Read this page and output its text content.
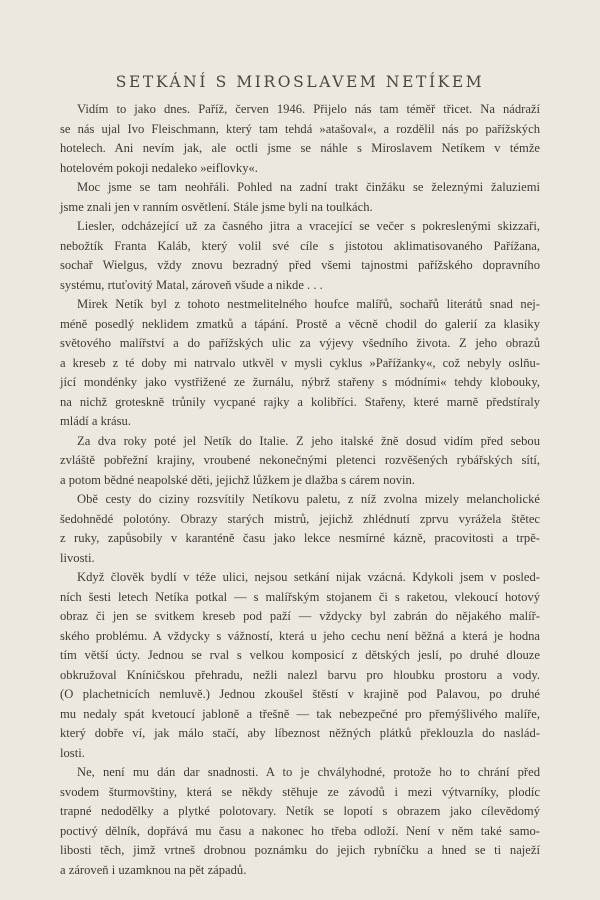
SETKÁNÍ S MIROSLAVEM NETÍKEM

Vidím to jako dnes. Paříž, červen 1946. Přijelo nás tam téměř třicet. Na nádraží
se nás ujal Ivo Fleischmann, který tam tehdá »atašoval«, a rozdělil nás po pařížských
hotelech. Ani nevím jak, ale octli jsme se náhle s Miroslavem Netíkem v témže
hotelovém pokoji nedaleko »eiflovky«.

Moc jsme se tam neohřáli. Pohled na zadní trakt činžáku se železnými žaluziemi
jsme znali jen v ranním osvětlení. Stále jsme byli na toulkách.

Liesler, odcházející už za časného jitra a vracející se večer s pokreslenými skizzaři,
nebožtík Franta Kaláb, který volil své cíle s jistotou aklimatisovaného Pařížana,
sochař Wielgus, vždy znovu bezradný před všemi tajnostmi pařížského dopravního
systému, rtuťovitý Matal, zároveň všude a nikde . . .

Mirek Netík byl z tohoto nestmelitelného houfce malířů, sochařů literátů snad nej-
méně posedlý neklidem zmatků a tápání. Prostě a věcně chodil do galerií za klasiky
světového malířství a do pařížských ulic za výjevy všedního života. Z jeho obrazů
a kreseb z té doby mi natrvalo utkvěl v mysli cyklus »Pařížanky«, což nebyly oslňu-
jící mondénky jako vystřižené ze žurnálu, nýbrž stařeny s módními« tehdy klobouky,
na nichž groteskně trůnily vycpané rajky a kolibříci. Stařeny, které marně předstíraly
mládí a krásu.

Za dva roky poté jel Netík do Italie. Z jeho italské žně dosud vidím před sebou
zvláště pobřežní krajiny, vroubené nekonečnými pletenci rozvěšených rybářských sítí,
a potom bědné neapolské děti, jejichž lůžkem je dlažba s cárem novin.

Obě cesty do ciziny rozsvítily Netíkovu paletu, z níž zvolna mizely melancholické
šedohnědé polotóny. Obrazy starých mistrů, jejichž zhlédnutí zprvu vyrážela štětec
z ruky, zapůsobily v karanténě času jako lekce nesmírné kázně, pracovitosti a trpě-
livosti.

Když člověk bydlí v téže ulici, nejsou setkání nijak vzácná. Kdykoli jsem v posled-
ních šesti letech Netíka potkal — s malířským stojanem či s raketou, vlekoucí hotový
obraz či jen se svitkem kreseb pod paží — vždycky byl zabrán do nějakého malíř-
ského problému. A vždycky s vážností, která u jeho cechu není běžná a která je hodna
tím větší úcty. Jednou se rval s velkou komposicí z dětských jeslí, po druhé dlouze
obkružoval Kníničskou přehradu, nežli nalezl barvu pro hloubku prostoru a vody.
(O plachetnicích nemluvě.) Jednou zkoušel štěstí v krajině pod Palavou, po druhé
mu nedaly spát kvetoucí jabloně a třešně — tak nebezpečné pro přemýšlivého malíře,
který dobře ví, jak málo stačí, aby líbeznost něžných plátků překlouzla do naslád-
losti.

Ne, není mu dán dar snadnosti. A to je chvályhodné, protože ho to chrání před
svodem šturmovštiny, která se někdy stěhuje ze závodů i mezi výtvarníky, plodíc
trapné nedodělky a plytké polotovary. Netík se lopotí s obrazem jako cílevědomý
poctivý dělník, dopřává mu času a nakonec ho třeba odloží. Není v něm také samo-
libosti těch, jimž vrtneš drobnou poznámku do jejich rybníčku a hned se ti naježí
a zároveň i uzamknou na pět západů.
